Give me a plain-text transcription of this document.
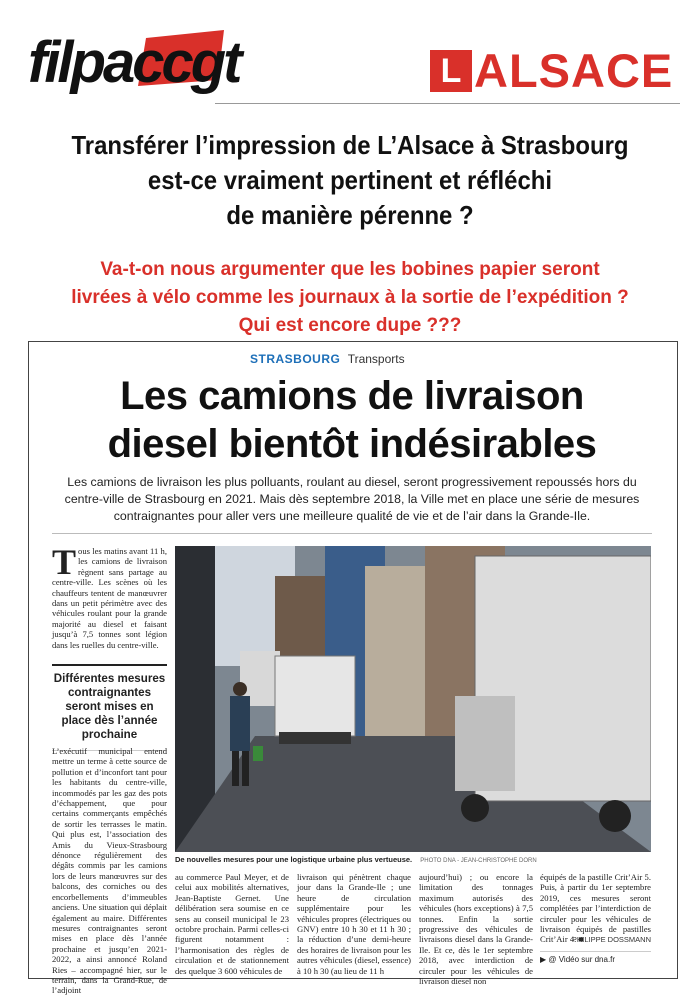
filpaccgt	L ALSACE
Transférer l’impression de L’Alsace à Strasbourg
est-ce vraiment pertinent et réfléchi
de manière pérenne ?
Va-t-on nous argumenter que les bobines papier seront
livrées à vélo comme les journaux à la sortie de l’expédition ?
Qui est encore dupe ???
STRASBOURG Transports
Les camions de livraison
diesel bientôt indésirables
Les camions de livraison les plus polluants, roulant au diesel, seront progressivement repoussés hors du centre-ville de Strasbourg en 2021. Mais dès septembre 2018, la Ville met en place une série de mesures contraignantes pour aller vers une meilleure qualité de vie et de l’air dans la Grande-Ile.
Tous les matins avant 11 h, les camions de livraison règnent sans partage au centre-ville. Les scènes où les chauffeurs tentent de manœuvrer dans un petit périmètre avec des véhicules roulant pour la grande majorité au diesel et faisant jusqu’à 7,5 tonnes sont légion dans les ruelles du centre-ville.
Différentes mesures contraignantes seront mises en place dès l’année prochaine
L’exécutif municipal entend mettre un terme à cette source de pollution et d’inconfort tant pour les habitants du centre-ville, incommodés par les gaz des pots d’échappement, que pour certains commerçants empêchés de sortir les terrasses le matin. Qui plus est, l’association des Amis du Vieux-Strasbourg dénonce régulièrement des dégâts commis par les camions lors de leurs manœuvres sur des balcons, des corniches ou des encorbellements d’immeubles anciens. Une situation qui déplait également au maire. Différentes mesures contraignantes seront mises en place dès l’année prochaine et jusqu’en 2021-2022, a ainsi annoncé Roland Ries – accompagné hier, sur le terrain, dans la Grand-Rue, de l’adjoint
De nouvelles mesures pour une logistique urbaine plus vertueuse. PHOTO DNA - JEAN-CHRISTOPHE DORN
au commerce Paul Meyer, et de celui aux mobilités alternatives, Jean-Baptiste Gernet. Une délibération sera soumise en ce sens au conseil municipal le 23 octobre prochain. Parmi celles-ci figurent notamment : l’harmonisation des règles de circulation et de stationnement des quelque 3 600 véhicules de
livraison qui pénètrent chaque jour dans la Grande-Ile ; une heure de circulation supplémentaire pour les véhicules propres (électriques ou GNV) entre 10 h 30 et 11 h 30 ; la réduction d’une demi-heure des horaires de livraison pour les autres véhicules (diesel, essence) à 10 h 30 (au lieu de 11 h
aujourd’hui) ; ou encore la limitation des tonnages maximum autorisés des véhicules (hors exceptions) à 7,5 tonnes. Enfin la sortie progressive des véhicules de livraisons diesel dans la Grande-Ile. Et ce, dès le 1er septembre 2018, avec interdiction de circuler pour les véhicules de livraison diesel non
équipés de la pastille Crit’Air 5. Puis, à partir du 1er septembre 2019, ces mesures seront complétées par l’interdiction de circuler pour les véhicules de livraison équipés de pastilles Crit’Air 4. ■
PHILIPPE DOSSMANN
▶ @ Vidéo sur dna.fr
